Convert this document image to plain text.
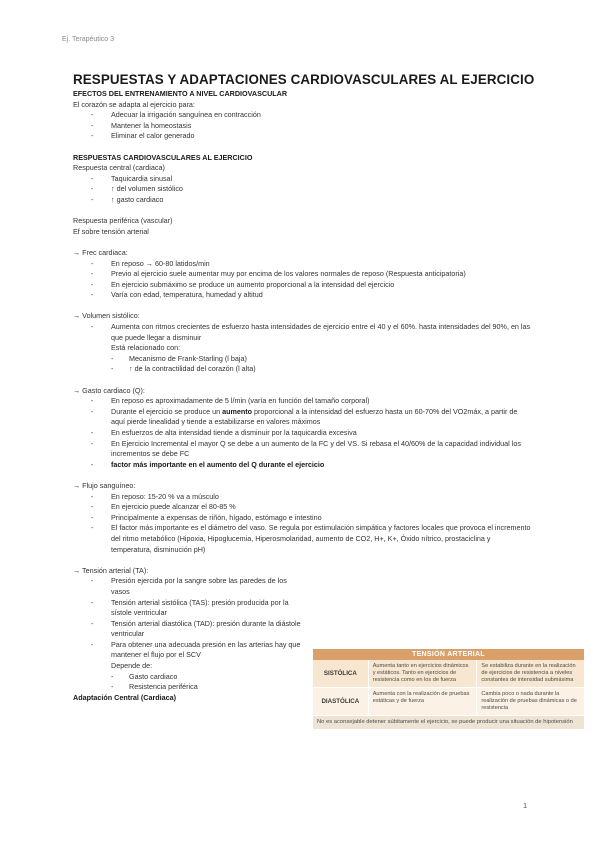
Ej. Terapéutico 3
RESPUESTAS Y ADAPTACIONES CARDIOVASCULARES AL EJERCICIO
EFECTOS DEL ENTRENAMIENTO A NIVEL CARDIOVASCULAR
El corazón se adapta al ejercicio para:
- Adecuar la irrigación sanguínea en contracción
- Mantener la homeostasis
- Eliminar el calor generado
RESPUESTAS CARDIOVASCULARES AL EJERCICIO
Respuesta central (cardiaca)
- Taquicardia sinusal
- ↑ del volumen sistólico
- ↑ gasto cardiaco
Respuesta periférica (vascular)
Ef sobre tensión arterial
→ Frec cardiaca:
- En reposo → 60-80 latidos/min
- Previo al ejercicio suele aumentar muy por encima de los valores normales de reposo (Respuesta anticipatoria)
- En ejercicio submáximo se produce un aumento proporcional a la intensidad del ejercicio
- Varía con edad, temperatura, humedad y altitud
→ Volumen sistólico:
- Aumenta con ritmos crecientes de esfuerzo hasta intensidades de ejercicio entre el 40 y el 60%. hasta intensidades del 90%, en las que puede llegar a disminuir
Está relacionado con:
- Mecanismo de Frank-Starling (l baja)
- ↑ de la contractilidad del corazón (l alta)
→ Gasto cardiaco (Q):
- En reposo es aproximadamente de 5 l/min (varía en función del tamaño corporal)
- Durante el ejercicio se produce un aumento proporcional a la intensidad del esfuerzo hasta un 60-70% del VO2máx, a partir de aquí pierde linealidad y tiende a estabilizarse en valores máximos
- En esfuerzos de alta intensidad tiende a disminuir por la taquicardia excesiva
- En Ejercicio Incremental el mayor Q se debe a un aumento de la FC y del VS. Si rebasa el 40/60% de la capacidad individual los incrementos se debe FC
- factor más importante en el aumento del Q durante el ejercicio
→ Flujo sanguíneo:
- En reposo: 15-20 % va a músculo
- En ejercicio puede alcanzar el 80-85 %
- Principalmente a expensas de riñón, hígado, estómago e intestino
- El factor más importante es el diámetro del vaso. Se regula por estimulación simpática y factores locales que provoca el incremento del ritmo metabólico (Hipoxia, Hipoglucemia, Hiperosmolaridad, aumento de CO2, H+, K+, Óxido nítrico, prostaciclina y temperatura, disminución pH)
→ Tensión arterial (TA):
- Presión ejercida por la sangre sobre las paredes de los vasos
- Tensión arterial sistólica (TAS): presión producida por la sístole ventricular
- Tensión arterial diastólica (TAD): presión durante la diástole ventricular
- Para obtener una adecuada presión en las arterias hay que mantener el flujo por el SCV
Depende de:
- Gasto cardiaco
- Resistencia periférica
Adaptación Central (Cardiaca)
TENSIÓN ARTERIAL
SISTÓLICA
Aumenta tanto en ejercicios dinámicos y estáticos. Tanto en ejercicios de resistencia como en los de fuerza
Se estabiliza durante en la realización de ejercicios de resistencia a niveles constantes de intensidad submáxima
DIASTÓLICA
Aumenta con la realización de pruebas estáticas y de fuerza
Cambia poco o nada durante la realización de pruebas dinámicas o de resistencia
No es aconsejable detener súbitamente el ejercicio, se puede producir una situación de hipotensión
1
